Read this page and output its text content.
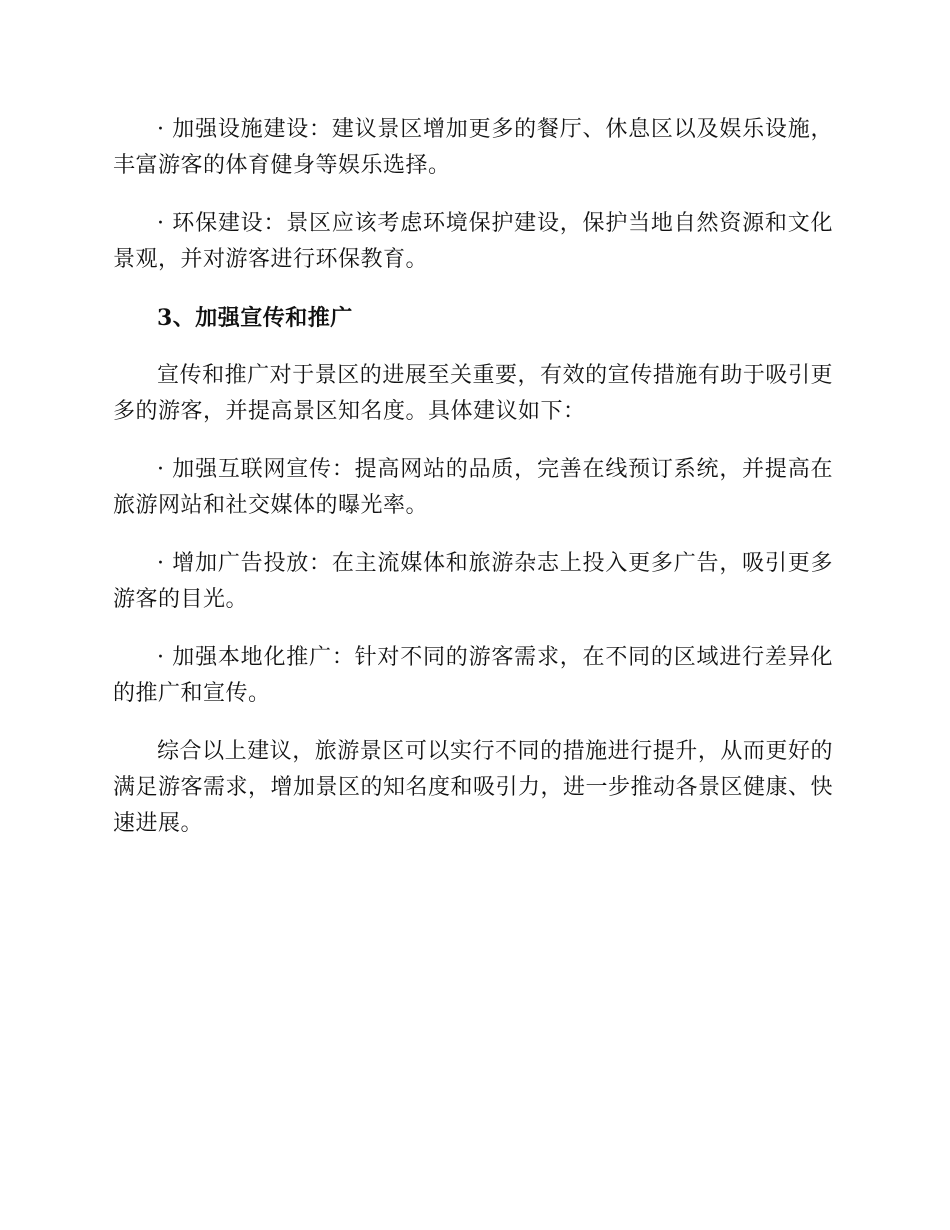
· 加强设施建设：建议景区增加更多的餐厅、休息区以及娱乐设施，丰富游客的体育健身等娱乐选择。

· 环保建设：景区应该考虑环境保护建设，保护当地自然资源和文化景观，并对游客进行环保教育。

3、加强宣传和推广

宣传和推广对于景区的进展至关重要，有效的宣传措施有助于吸引更多的游客，并提高景区知名度。具体建议如下：

· 加强互联网宣传：提高网站的品质，完善在线预订系统，并提高在旅游网站和社交媒体的曝光率。

· 增加广告投放：在主流媒体和旅游杂志上投入更多广告，吸引更多游客的目光。

· 加强本地化推广：针对不同的游客需求，在不同的区域进行差异化的推广和宣传。

综合以上建议，旅游景区可以实行不同的措施进行提升，从而更好的满足游客需求，增加景区的知名度和吸引力，进一步推动各景区健康、快速进展。
